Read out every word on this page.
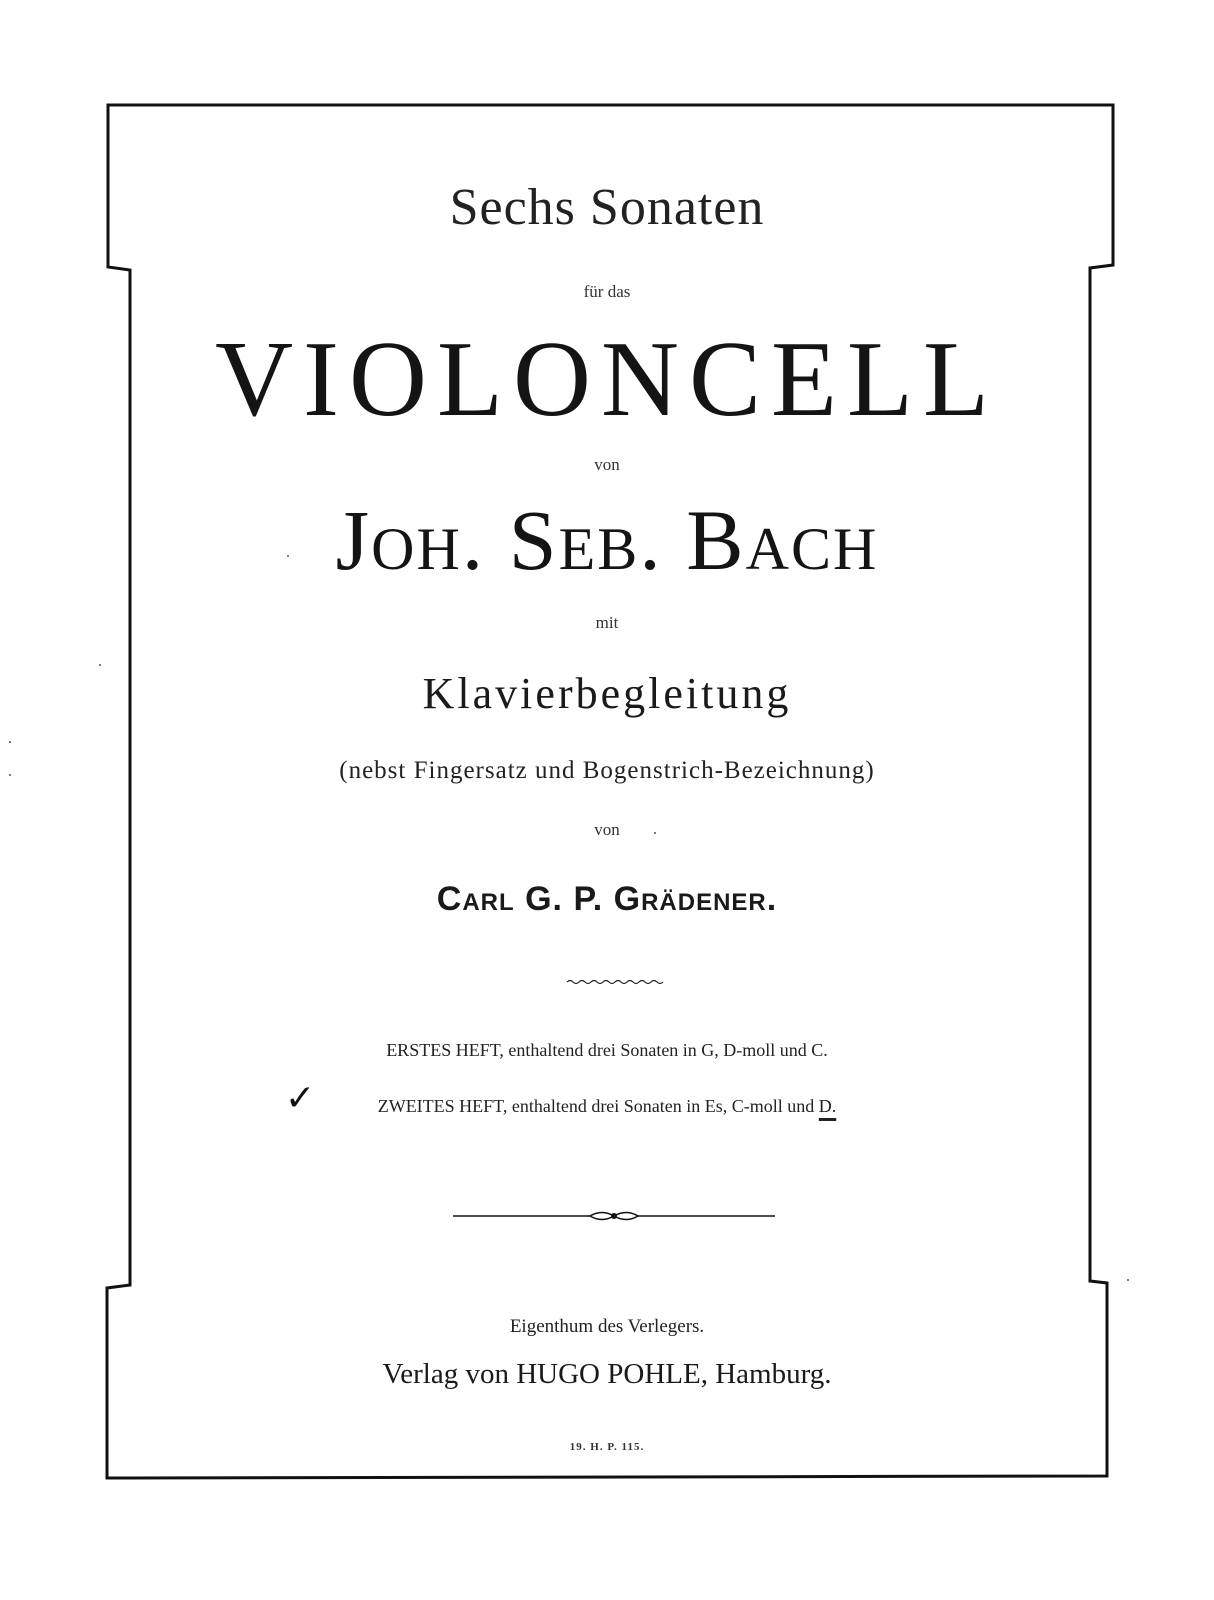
Sechs Sonaten
für das
VIOLONCELL
von
Joh. Seb. Bach
mit
Klavierbegleitung
(nebst Fingersatz und Bogenstrich-Bezeichnung)
von
Carl G. P. Grädener.
ERSTES HEFT, enthaltend drei Sonaten in G, D-moll und C.
ZWEITES HEFT, enthaltend drei Sonaten in Es, C-moll und D.
✓
Eigenthum des Verlegers.
Verlag von HUGO POHLE, Hamburg.
19. H. P. 115.
